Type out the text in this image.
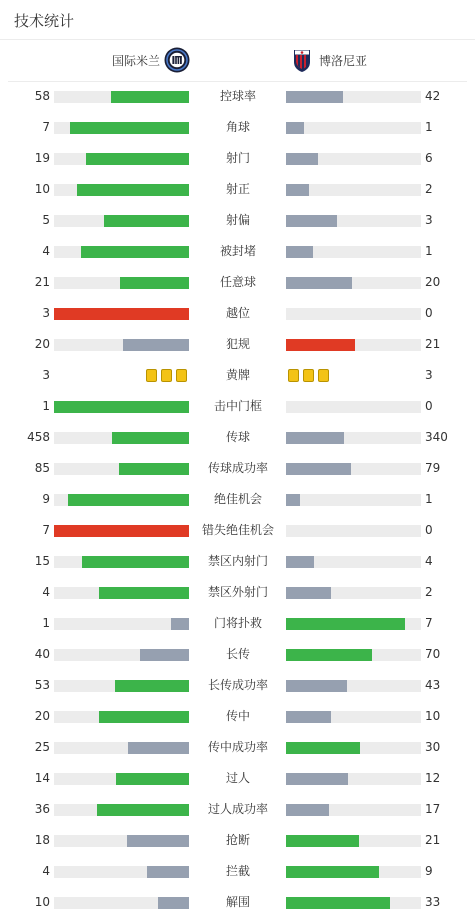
技术统计
国际米兰	博洛尼亚
58	控球率	42
7	角球	1
19	射门	6
10	射正	2
5	射偏	3
4	被封堵	1
21	任意球	20
3	越位	0
20	犯规	21
3	黄牌	3
1	击中门框	0
458	传球	340
85	传球成功率	79
9	绝佳机会	1
7	错失绝佳机会	0
15	禁区内射门	4
4	禁区外射门	2
1	门将扑救	7
40	长传	70
53	长传成功率	43
20	传中	10
25	传中成功率	30
14	过人	12
36	过人成功率	17
18	抢断	21
4	拦截	9
10	解围	33
